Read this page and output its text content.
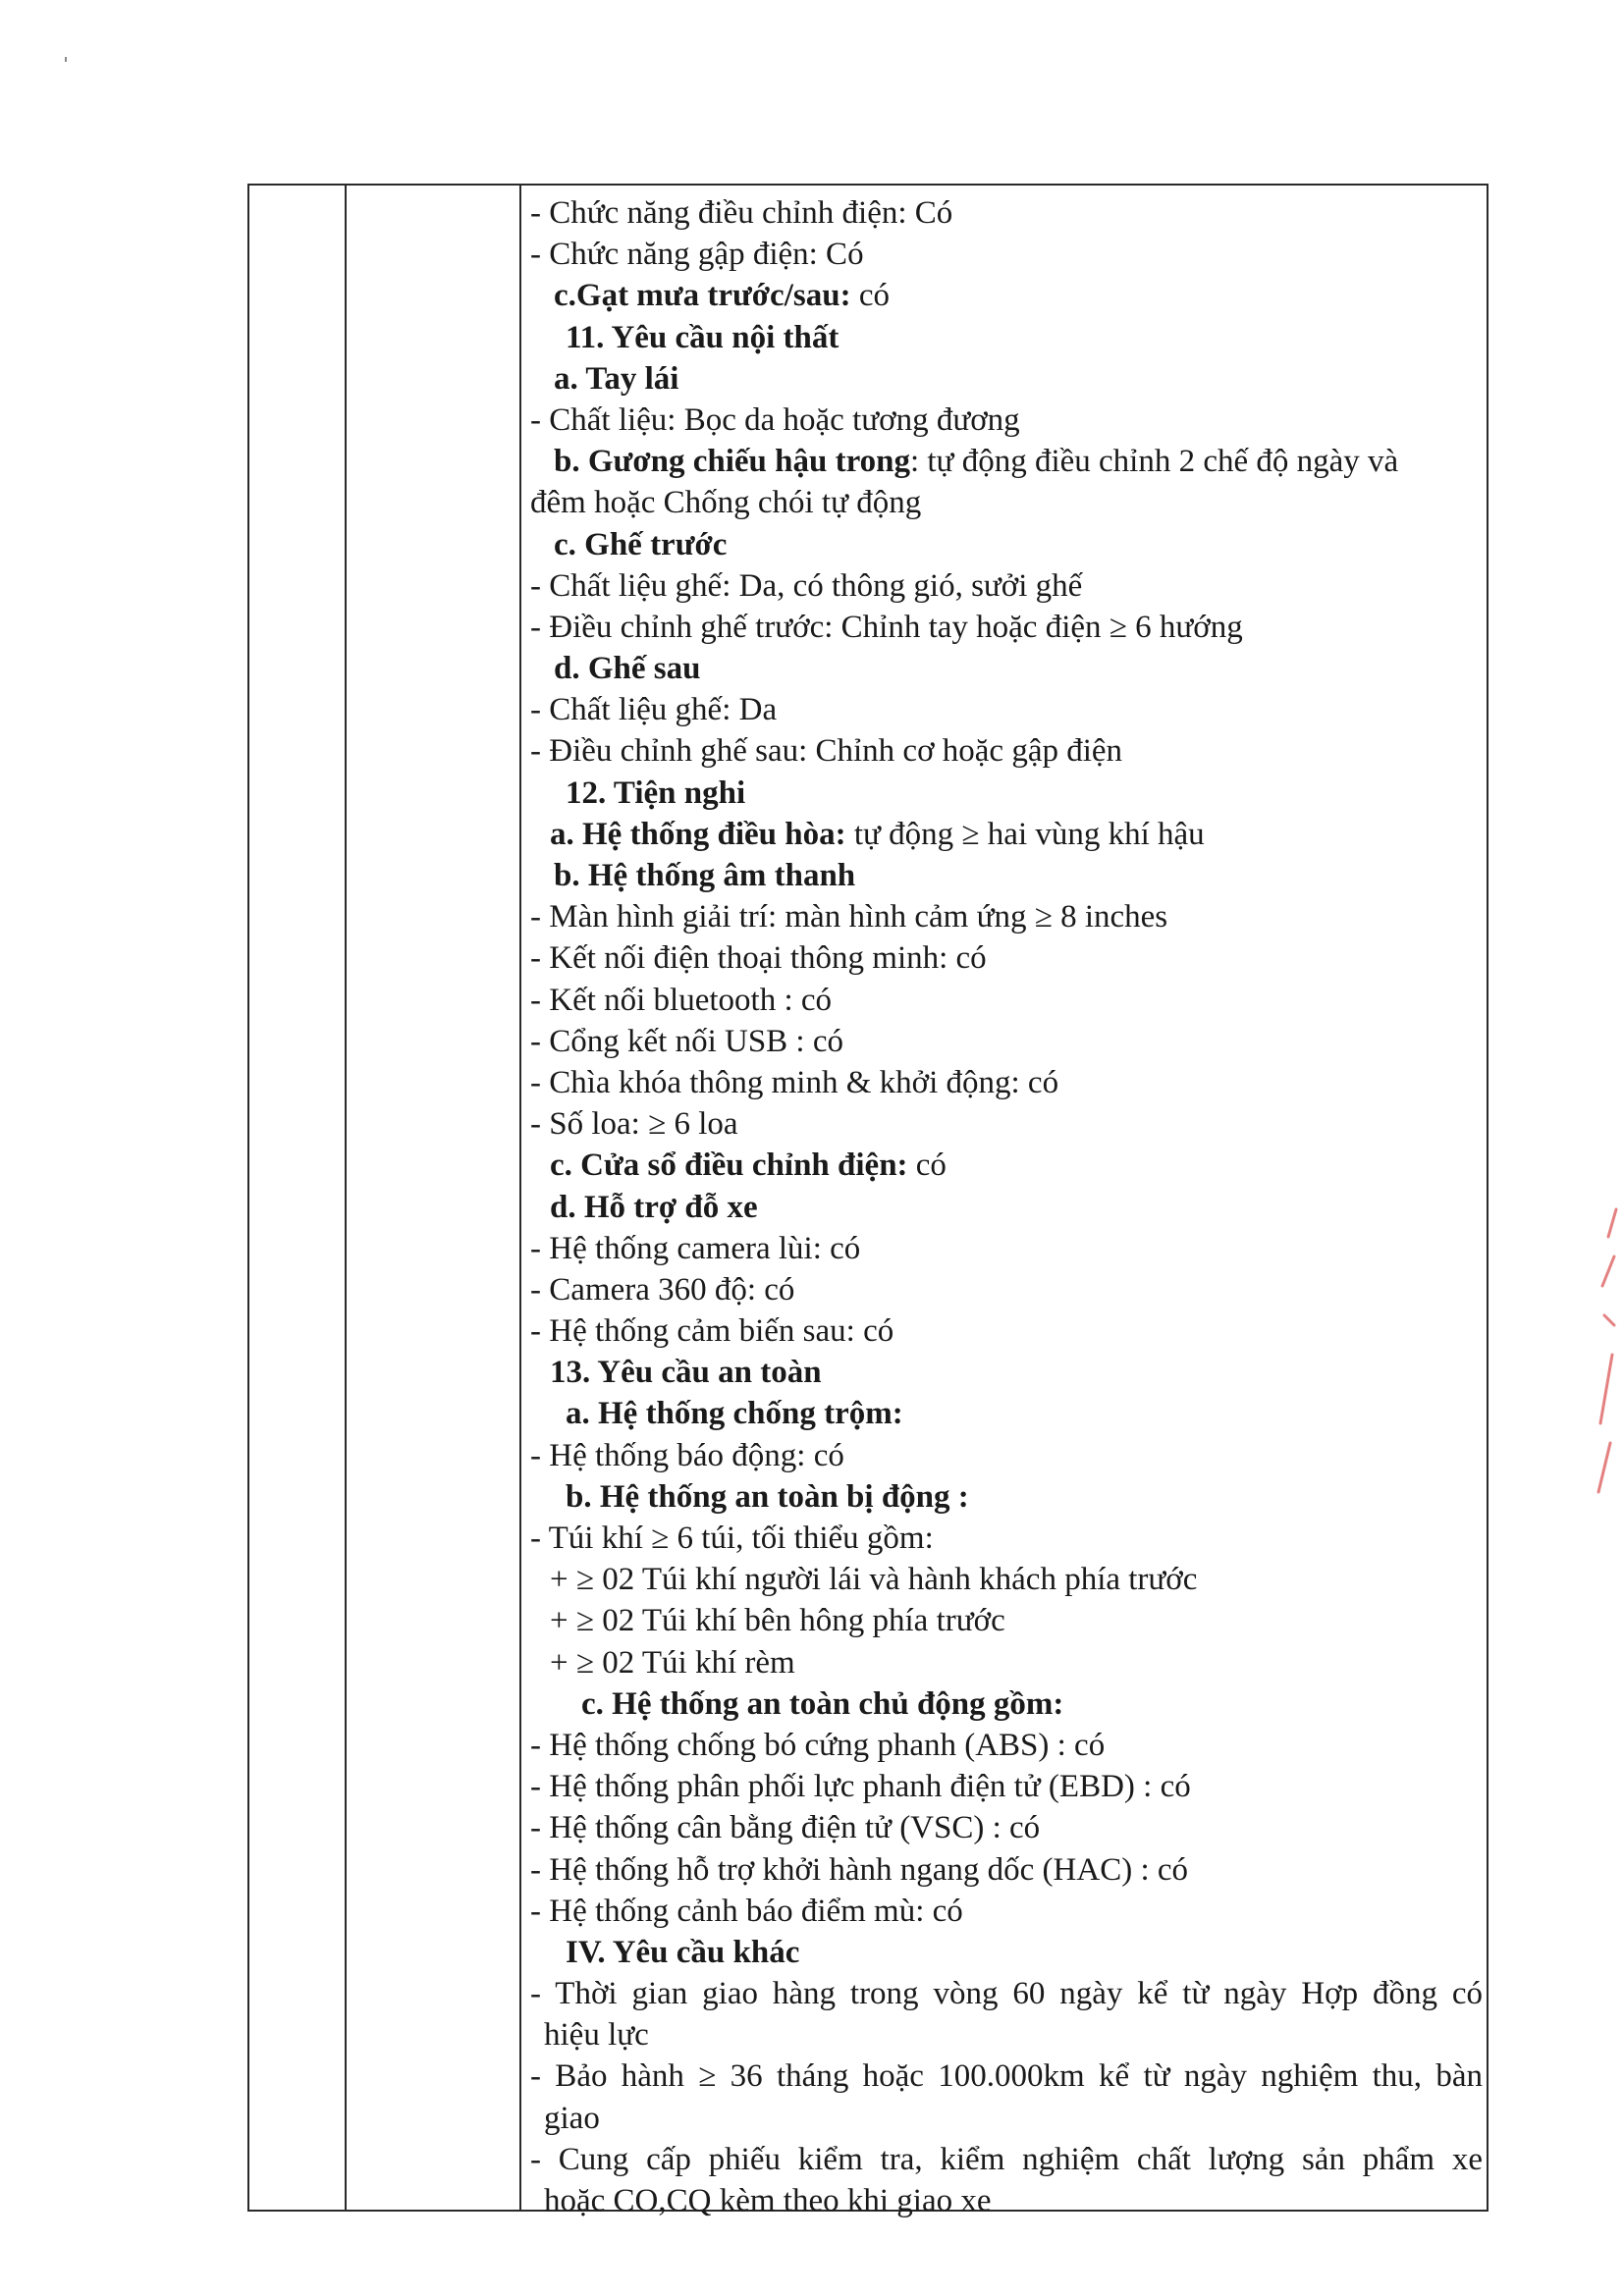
- Chức năng điều chỉnh điện: Có
- Chức năng gập điện: Có
c.Gạt mưa trước/sau: có
11. Yêu cầu nội thất
a. Tay lái
- Chất liệu: Bọc da hoặc tương đương
b. Gương chiếu hậu trong: tự động điều chỉnh 2 chế độ ngày và
đêm hoặc Chống chói tự động
c. Ghế trước
- Chất liệu ghế: Da, có thông gió, sưởi ghế
- Điều chỉnh ghế trước: Chỉnh tay hoặc điện ≥ 6 hướng
d. Ghế sau
- Chất liệu ghế: Da
- Điều chỉnh ghế sau: Chỉnh cơ hoặc gập điện
12. Tiện nghi
a. Hệ thống điều hòa: tự động ≥ hai vùng khí hậu
b. Hệ thống âm thanh
- Màn hình giải trí: màn hình cảm ứng ≥ 8 inches
- Kết nối điện thoại thông minh: có
- Kết nối bluetooth : có
- Cổng kết nối USB : có
- Chìa khóa thông minh & khởi động: có
- Số loa: ≥ 6 loa
c. Cửa sổ điều chỉnh điện: có
d. Hỗ trợ đỗ xe
- Hệ thống camera lùi: có
- Camera 360 độ: có
- Hệ thống cảm biến sau: có
13. Yêu cầu an toàn
a. Hệ thống chống trộm:
- Hệ thống báo động: có
b. Hệ thống an toàn bị động :
- Túi khí ≥ 6 túi, tối thiểu gồm:
+ ≥ 02 Túi khí người lái và hành khách phía trước
+ ≥ 02 Túi khí bên hông phía trước
+ ≥ 02 Túi khí rèm
c. Hệ thống an toàn chủ động gồm:
- Hệ thống chống bó cứng phanh (ABS) : có
- Hệ thống phân phối lực phanh điện tử (EBD) : có
- Hệ thống cân bằng điện tử (VSC) : có
- Hệ thống hỗ trợ khởi hành ngang dốc (HAC) : có
- Hệ thống cảnh báo điểm mù: có
IV. Yêu cầu khác
- Thời gian giao hàng trong vòng 60 ngày kể từ ngày Hợp đồng có
hiệu lực
- Bảo hành ≥ 36 tháng hoặc 100.000km kể từ ngày nghiệm thu, bàn
giao
- Cung cấp phiếu kiểm tra, kiểm nghiệm chất lượng sản phẩm xe
hoặc CO,CQ kèm theo khi giao xe
